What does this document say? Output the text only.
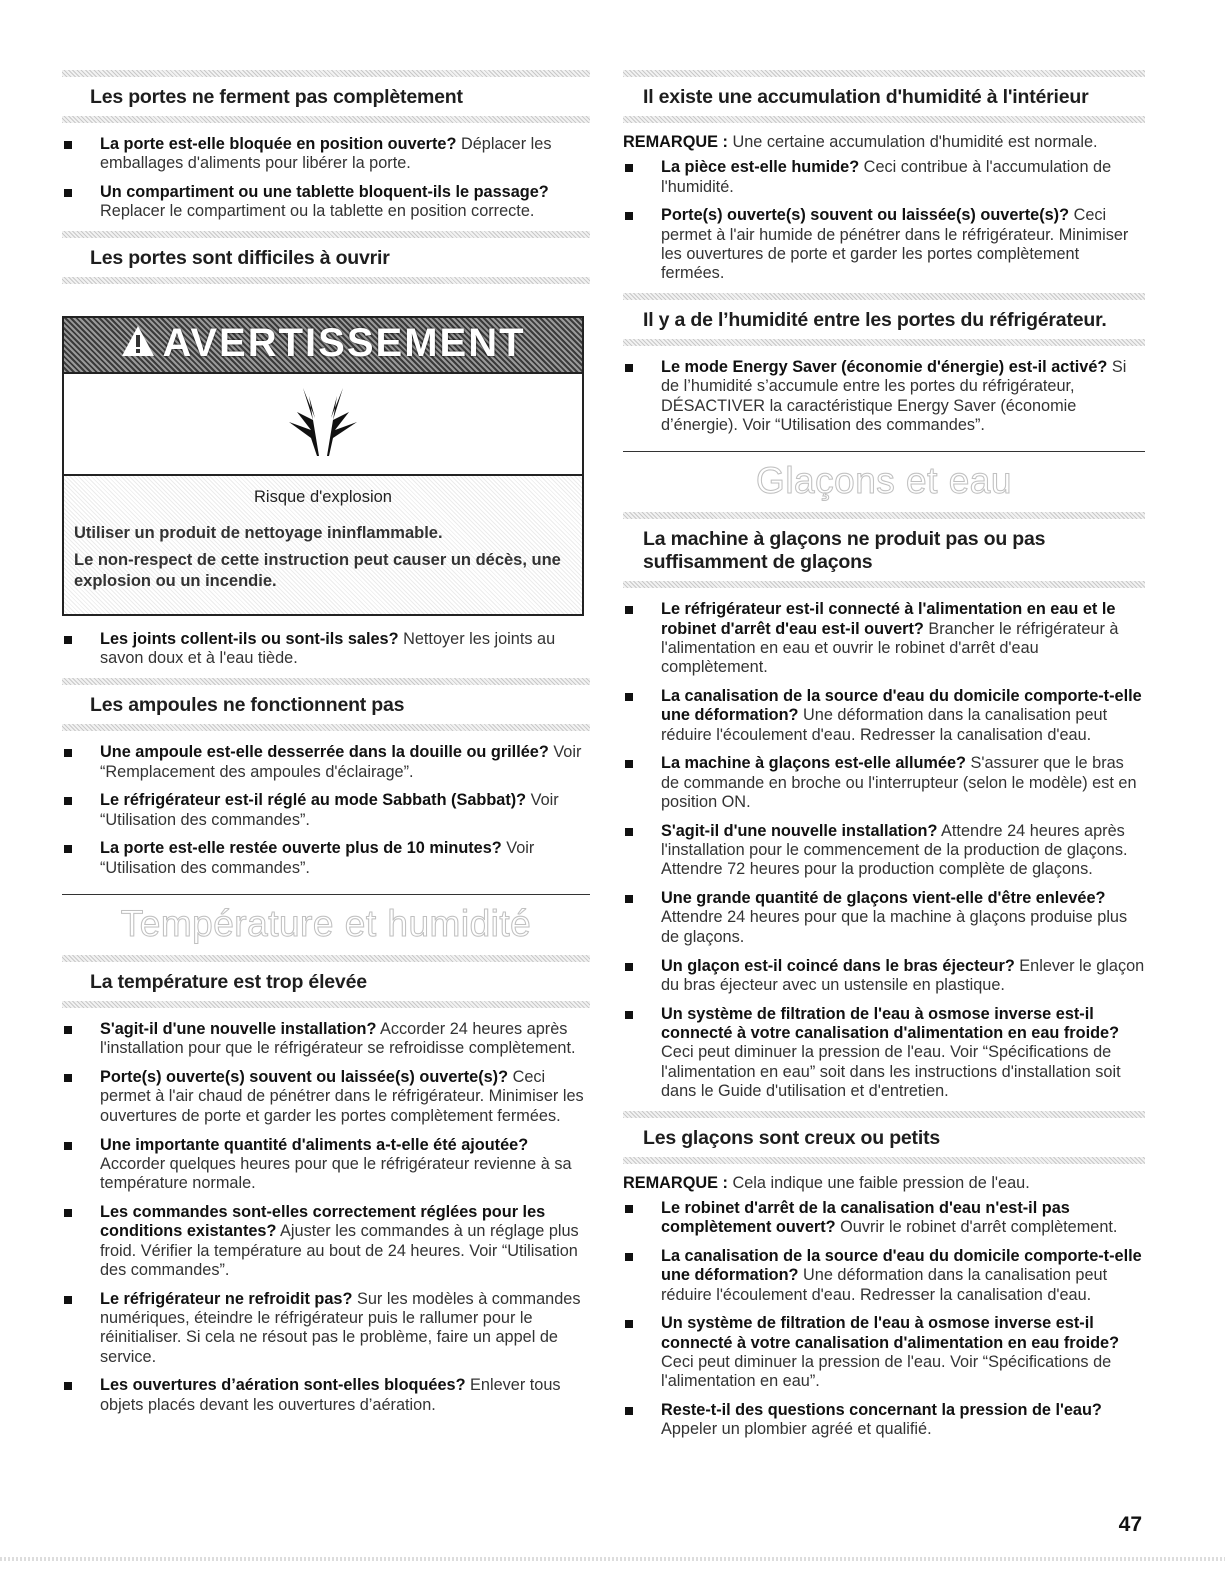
Les portes ne ferment pas complètement
La porte est-elle bloquée en position ouverte? Déplacer les emballages d'aliments pour libérer la porte.
Un compartiment ou une tablette bloquent-ils le passage? Replacer le compartiment ou la tablette en position correcte.
Les portes sont difficiles à ouvrir
AVERTISSEMENT
Risque d'explosion
Utiliser un produit de nettoyage ininflammable.
Le non-respect de cette instruction peut causer un décès, une explosion ou un incendie.
Les joints collent-ils ou sont-ils sales? Nettoyer les joints au savon doux et à l'eau tiède.
Les ampoules ne fonctionnent pas
Une ampoule est-elle desserrée dans la douille ou grillée? Voir “Remplacement des ampoules d'éclairage”.
Le réfrigérateur est-il réglé au mode Sabbath (Sabbat)? Voir “Utilisation des commandes”.
La porte est-elle restée ouverte plus de 10 minutes? Voir “Utilisation des commandes”.
Température et humidité
La température est trop élevée
S'agit-il d'une nouvelle installation? Accorder 24 heures après l'installation pour que le réfrigérateur se refroidisse complètement.
Porte(s) ouverte(s) souvent ou laissée(s) ouverte(s)? Ceci permet à l'air chaud de pénétrer dans le réfrigérateur. Minimiser les ouvertures de porte et garder les portes complètement fermées.
Une importante quantité d'aliments a-t-elle été ajoutée? Accorder quelques heures pour que le réfrigérateur revienne à sa température normale.
Les commandes sont-elles correctement réglées pour les conditions existantes? Ajuster les commandes à un réglage plus froid. Vérifier la température au bout de 24 heures. Voir “Utilisation des commandes”.
Le réfrigérateur ne refroidit pas? Sur les modèles à commandes numériques, éteindre le réfrigérateur puis le rallumer pour le réinitialiser. Si cela ne résout pas le problème, faire un appel de service.
Les ouvertures d’aération sont-elles bloquées? Enlever tous objets placés devant les ouvertures d’aération.
Il existe une accumulation d'humidité à l'intérieur

REMARQUE : Une certaine accumulation d'humidité est normale.

La pièce est-elle humide? Ceci contribue à l'accumulation de l'humidité.
Porte(s) ouverte(s) souvent ou laissée(s) ouverte(s)? Ceci permet à l'air humide de pénétrer dans le réfrigérateur. Minimiser les ouvertures de porte et garder les portes complètement fermées.
Il y a de l’humidité entre les portes du réfrigérateur.
Le mode Energy Saver (économie d'énergie) est-il activé? Si de l’humidité s’accumule entre les portes du réfrigérateur, DÉSACTIVER la caractéristique Energy Saver (économie d’énergie). Voir “Utilisation des commandes”.
Glaçons et eau
La machine à glaçons ne produit pas ou pas suffisamment de glaçons
Le réfrigérateur est-il connecté à l'alimentation en eau et le robinet d'arrêt d'eau est-il ouvert? Brancher le réfrigérateur à l'alimentation en eau et ouvrir le robinet d'arrêt d'eau complètement.
La canalisation de la source d'eau du domicile comporte-t-elle une déformation? Une déformation dans la canalisation peut réduire l'écoulement d'eau. Redresser la canalisation d'eau.
La machine à glaçons est-elle allumée? S'assurer que le bras de commande en broche ou l'interrupteur (selon le modèle) est en position ON.
S'agit-il d'une nouvelle installation? Attendre 24 heures après l'installation pour le commencement de la production de glaçons. Attendre 72 heures pour la production complète de glaçons.
Une grande quantité de glaçons vient-elle d'être enlevée? Attendre 24 heures pour que la machine à glaçons produise plus de glaçons.
Un glaçon est-il coincé dans le bras éjecteur? Enlever le glaçon du bras éjecteur avec un ustensile en plastique.
Un système de filtration de l'eau à osmose inverse est-il connecté à votre canalisation d'alimentation en eau froide? Ceci peut diminuer la pression de l'eau. Voir “Spécifications de l'alimentation en eau” soit dans les instructions d'installation soit dans le Guide d'utilisation et d'entretien.
Les glaçons sont creux ou petits

REMARQUE : Cela indique une faible pression de l'eau.

Le robinet d'arrêt de la canalisation d'eau n'est-il pas complètement ouvert? Ouvrir le robinet d'arrêt complètement.
La canalisation de la source d'eau du domicile comporte-t-elle une déformation? Une déformation dans la canalisation peut réduire l'écoulement d'eau. Redresser la canalisation d'eau.
Un système de filtration de l'eau à osmose inverse est-il connecté à votre canalisation d'alimentation en eau froide? Ceci peut diminuer la pression de l'eau. Voir “Spécifications de l'alimentation en eau”.
Reste-t-il des questions concernant la pression de l'eau? Appeler un plombier agréé et qualifié.
47
